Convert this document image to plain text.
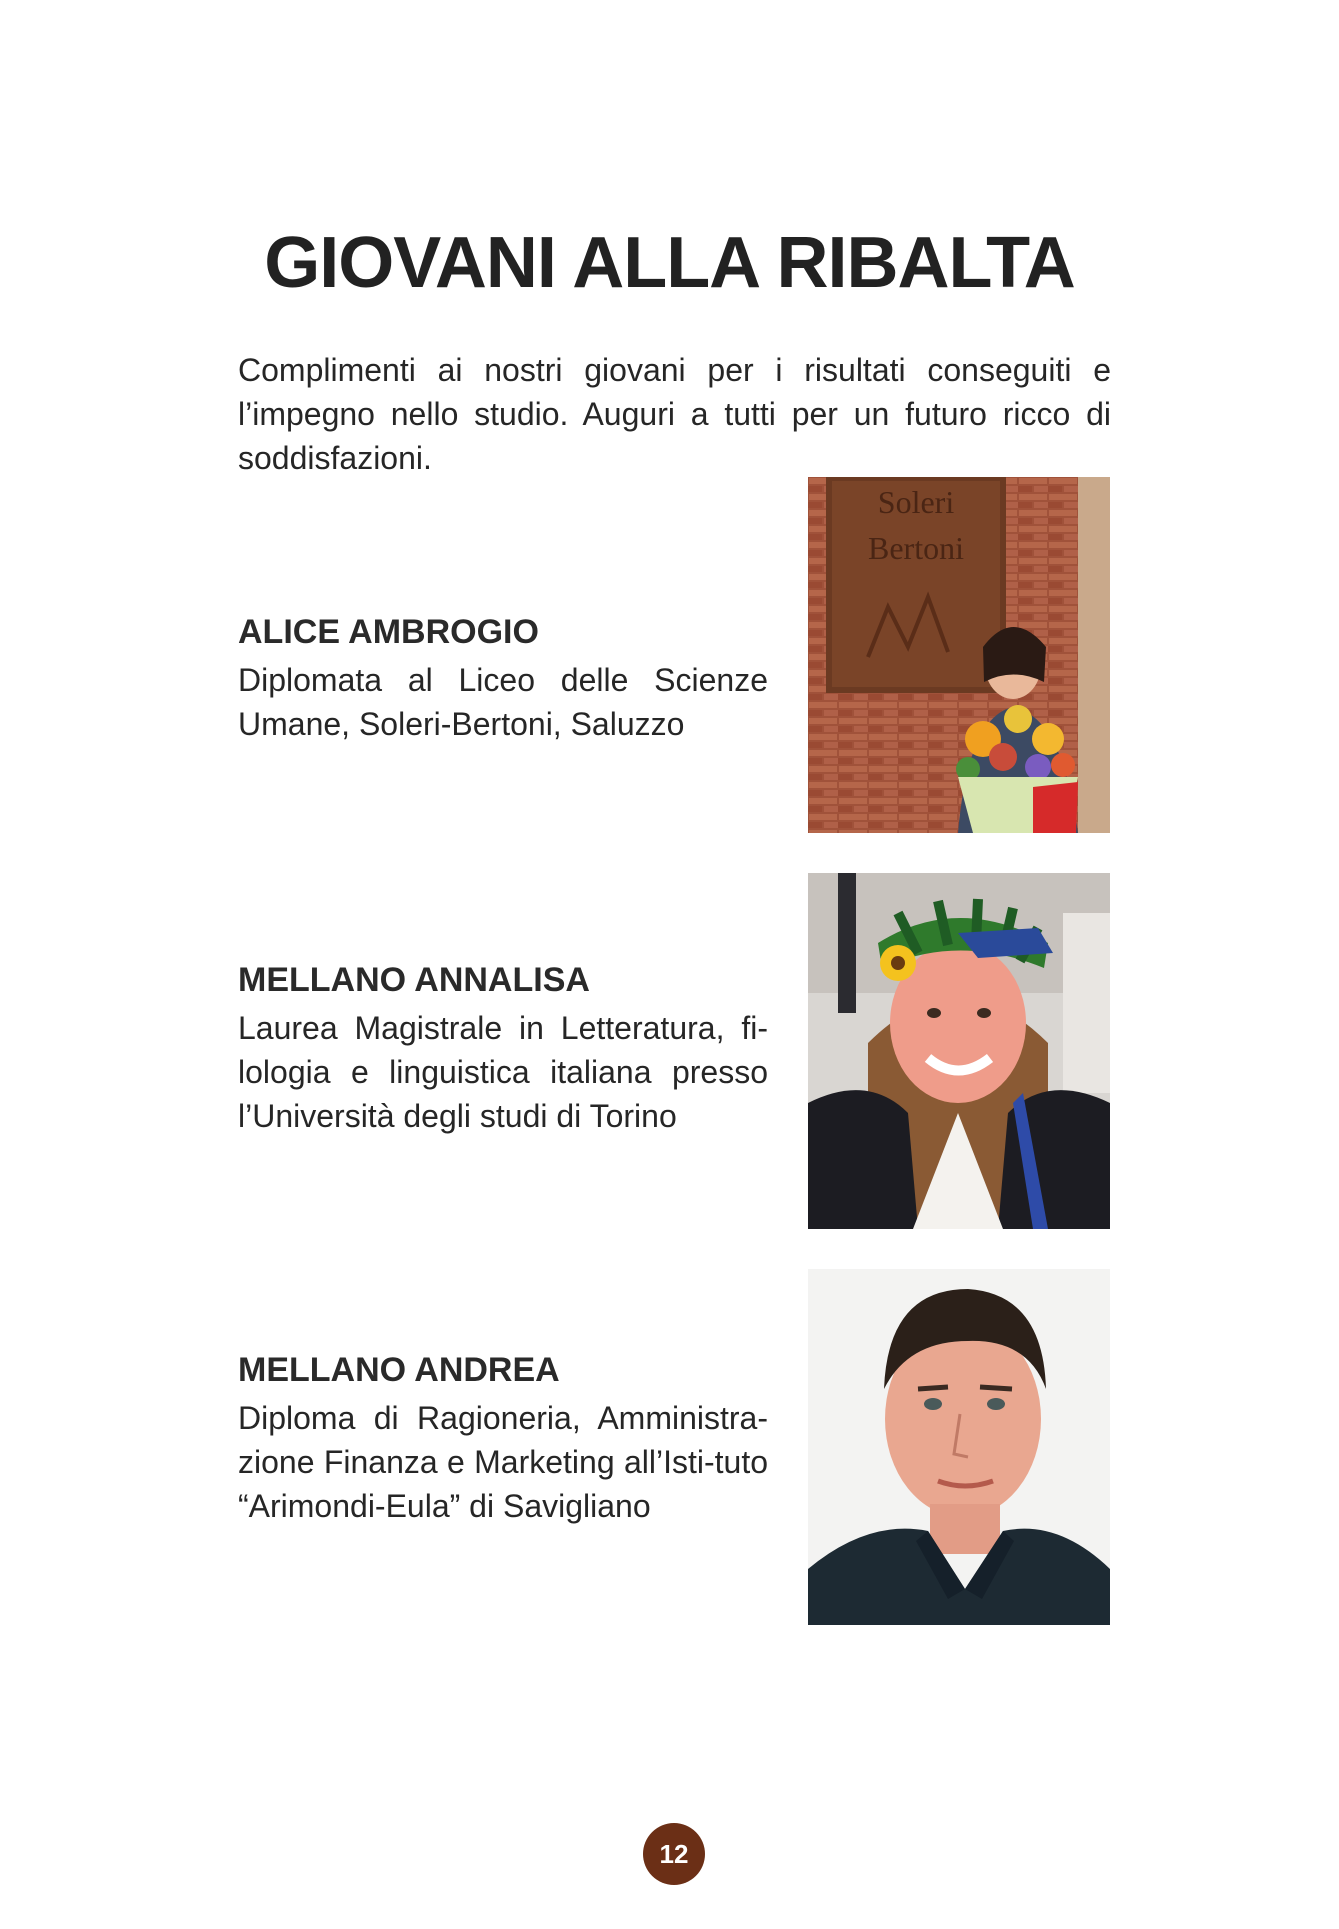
GIOVANI ALLA RIBALTA

Complimenti ai nostri giovani per i risultati conseguiti e l’impegno nello studio. Auguri a tutti per un futuro ricco di soddisfazioni.

ALICE AMBROGIO

Diplomata al Liceo delle Scienze Umane, Soleri-Bertoni, Saluzzo

Soleri
Bertoni

MELLANO ANNALISA

Laurea Magistrale in Letteratura, fi-lologia e linguistica italiana presso l’Università degli studi di Torino

MELLANO ANDREA

Diploma di Ragioneria, Amministra-zione Finanza e Marketing all’Isti-tuto “Arimondi-Eula” di Savigliano

12
